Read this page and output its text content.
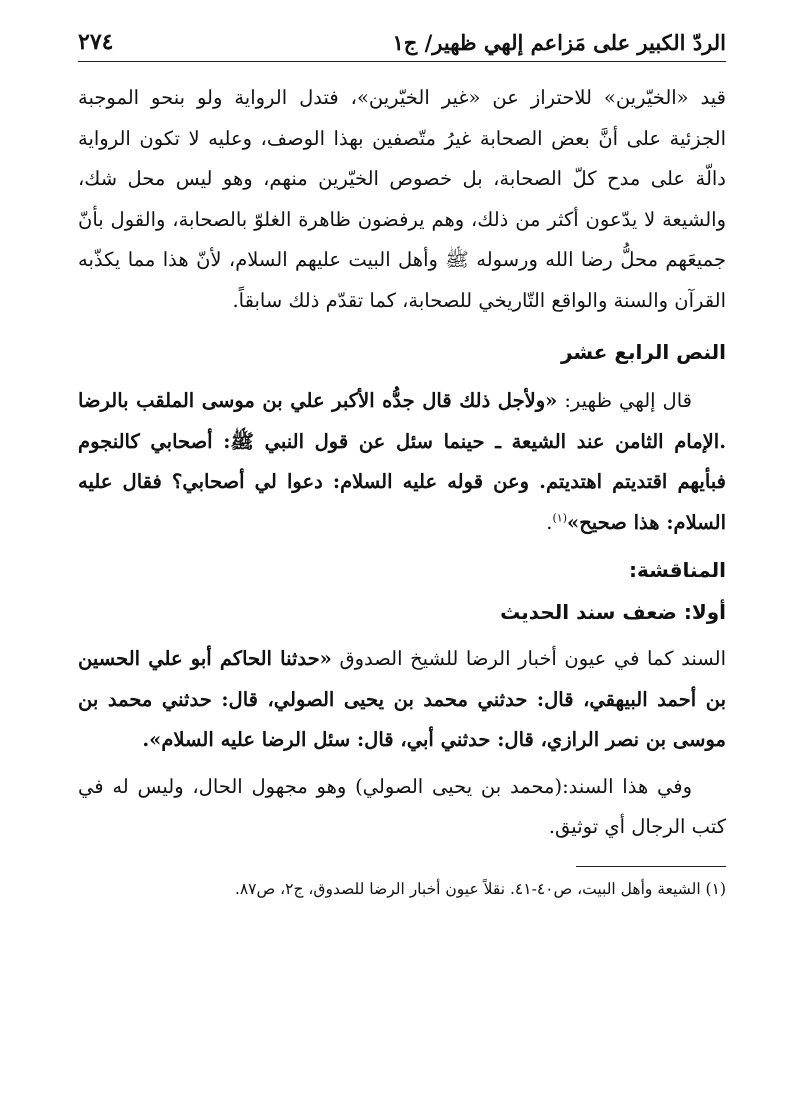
الردّ الكبير على مَزاعم إلهي ظهير/ ج١
٢٧٤

قيد «الخيّرين» للاحتراز عن «غير الخيّرين»، فتدل الرواية ولو بنحو الموجبة الجزئية على أنَّ بعض الصحابة غيرُ متّصفين بهذا الوصف، وعليه لا تكون الرواية دالّة على مدح كلّ الصحابة، بل خصوص الخيّرين منهم، وهو ليس محل شك، والشيعة لا يدّعون أكثر من ذلك، وهم يرفضون ظاهرة الغلوّ بالصحابة، والقول بأنّ جميعَهم محلُّ رضا الله ورسوله ﷺ وأهل البيت عليهم السلام، لأنّ هذا مما يكذّبه القرآن والسنة والواقع التّاريخي للصحابة، كما تقدّم ذلك سابقاً.

النص الرابع عشر

قال إلهي ظهير: «ولأجل ذلك قال جدُّه الأكبر علي بن موسى الملقب بالرضا .الإمام الثامن عند الشيعة ـ حينما سئل عن قول النبي ﷺ: أصحابي كالنجوم فبأيهم اقتديتم اهتديتم. وعن قوله عليه السلام: دعوا لي أصحابي؟ فقال عليه السلام: هذا صحيح»$^{(١)}$.

المناقشة:
أولا: ضعف سند الحديث

السند كما في عيون أخبار الرضا للشيخ الصدوق «حدثنا الحاكم أبو علي الحسين بن أحمد البيهقي، قال: حدثني محمد بن يحيى الصولي، قال: حدثني محمد بن موسى بن نصر الرازي، قال: حدثني أبي، قال: سئل الرضا عليه السلام».

وفي هذا السند:(محمد بن يحيى الصولي) وهو مجهول الحال، وليس له في كتب الرجال أي توثيق.

(١) الشيعة وأهل البيت، ص٤٠-٤١. نقلاً عيون أخبار الرضا للصدوق، ج٢، ص٨٧.
